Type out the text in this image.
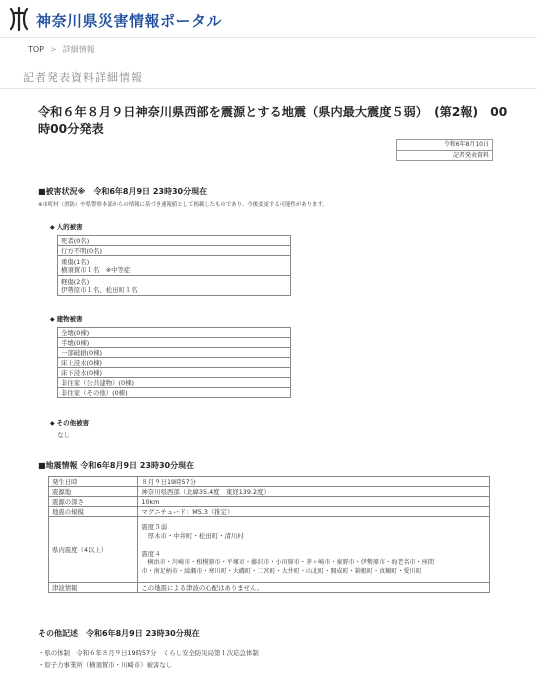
神奈川県災害情報ポータル
TOP > 詳細情報
記者発表資料詳細情報
令和６年８月９日神奈川県西部を震源とする地震（県内最大震度５弱）　(第2報)　00時00分発表
令和6年8月10日
記者発表資料
■被害状況※　令和6年8月9日 23時30分現在
※市町村（消防）や県警察本部からの情報に基づき速報値として掲載したものであり、今後変更する可能性があります。
◆ 人的被害
死者(0名)
行方不明(0名)

重傷(1名)
横須賀市１名　※中等症

軽傷(2名)
伊勢原市１名、松田町１名
◆ 建物被害
全壊(0棟)
半壊(0棟)
一部破損(0棟)
床上浸水(0棟)
床下浸水(0棟)
非住家（公共建物）(0棟)
非住家（その他）(0棟)
◆ その他被害
なし
■地震情報 令和6年8月9日 23時30分現在
発生日時	８月９日19時57分
震源地	神奈川県西部（北緯35.4度　東経139.2度）
震源の深さ	10km
地震の規模	マグニチュード：M5.3（推定）
県内震度（4以上）	震度５弱
　厚木市・中井町・松田町・清川村
震度４
　横浜市・川崎市・相模原市・平塚市・藤沢市・小田原市・茅ヶ崎市・秦野市・伊勢原市・海老名市・座間
市・南足柄市・綾瀬市・寒川町・大磯町・二宮町・大井町・山北町・開成町・箱根町・真鶴町・愛川町

津波情報	この地震による津波の心配はありません。
その他記述　令和6年8月9日 23時30分現在
・県の体制　令和６年８月９日19時57分　くらし安全防災局第１次応急体制
・原子力事業所（横須賀市・川崎市）被害なし
